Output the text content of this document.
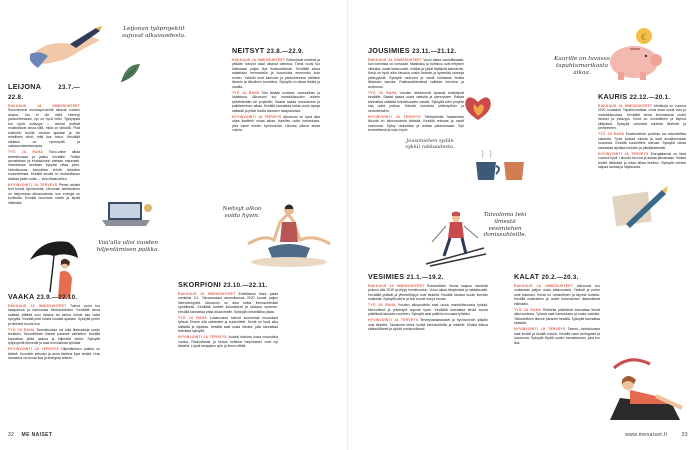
Leijonan työprojektit sujuvat alkuvuodesta.
Vaa'alla olisi vuoden hiljentämisen paikka.
Neitsyt alkoo voida hyvin.	Taivoloma teki ilmestä vesimiehen ihmissuhteille.
Jousimiehen sydän sykkii rakkaudesta.
€
Kaurille on luvassa tapahtumarikasta aikaa.
LEIJONA	23.7.—22.8.
RAKKAUS JA IHMISSUHTEET Suunnimmat muutosprosentit alkavat vuoden alussa. Jos et ole vielä edennyt parisuhteessasi, nyt on hyvä hetki. Tyydytystä tuo myös ystävyys — vanhat ystävät muistuttavat sinua siitä, mikä on tärkeää. Pidä kuitenkin huolta omasta ajastasi ja ole rehellinen siinä, mitä itse toivot. Keväällä rakkaus on syvempää ja vastaanottavaisempaa.
TYÖ JA RAHA Toivo-vaihe alkaa tammikuussa ja jatkuu keväälle. Töitäsi arvostetaan ja ehdotuksesi otetaan vakavasti. Hankkeissa tarvitaan kykyäsi ottaa johto. Helmikuussa kannattaa tehdä talouden suunnitelmaa. Kesällä sinulla on mahdollisuus aloittaa jotain uutta — tartu tilaisuuteen.
HYVINVOINTI JA TERVEYS Pienet arkiset teot tuovat hyvinvointia. Liikunnan aloittaminen on helpompaa alkuvuodesta, kun energia on korkealla. Kiinnitä huomiota uneen ja lepää riittävästi.
NEITSYT 23.8.—22.9.
RAKKAUS JA IHMISSUHTEET Kultautuvat unelmat ja pitkään toivotut asiat alkavat toteutua. Tämä vuosi tuo tullessaan paljon iloa ihmissuhteisiin. Keväällä sinua saatetaan hemmotella ja huomioida enemmän kuin ennen. Ystävät ovat tukenasi ja parisuhteessa vallitsee lämmin ja kiitollinen tunnelma. Syksyllä on aikaa levätä ja nauttia.
TYÖ JA RAHA Olet tänään tuottava, vastuullinen ja luotettava. Alkuvuosi tuo mahdollisuuden uuteen työtehtävään tai projektiin. Saatat saada tunnustusta ja palkitsemisen aikaa. Kesällä kannattaa tutkia uusia tapoja säästää ja pitää huolta talouden tasapainosta.
HYVINVOINTI JA TERVEYS Alkuvuosi on hyvä aika ottaa itselleen omaa aikaa. Harkitse uutta harrastusta, joka tukee mielen hyvinvointia. Liikunta ulkona antaa voimia.
VAAKA 23.9.—22.10.
RAKKAUS JA IHMISSUHTEET Tuleva vuosi tuo tasapainoa ja harmoniaa ihmissuhteisiin. Keväällä sinua saattaa yllättää uusi ihastus tai vanha suhde saa uutta syvyyttä. Kesällä pidä huolta omasta ajastasi. Syksyllä perhe ja läheiset tuovat iloa.
TYÖ JA RAHA Tammikuussa voi tulla tilaisuuksia uusiin tehtäviin. Taloudellinen tilanne paranee vähitellen. Kesällä kannattaa pitää taukoa ja hiljentää tahtia. Syksyllä työprojektit etenevät ja saat tunnustusta työstäsi.
HYVINVOINTI JA TERVEYS Hiljentämisen paikka on tärkeä. Kuuntele kehoasi ja anna itsellesi lupa levätä. Uusi harrastus voi tuoda iloa ja energiaa arkeen.
SKORPIONI 23.10.—22.11.
RAKKAUS JA IHMISSUHTEET Ensitilassa! Mars palaa merkkiisi 3.1. Taivaanvaaot tammikuussa 2020 tuovat paljon intensiivisyyttä. Alkuvuosi on aika tutkia ihmissuhteitasi syvällisesti. Keväällä tunteet kukoistavat ja rakkaus syvenee. Kesällä kannattaa ottaa aikaa itselle. Syksyllä romantiikka palaa.
TYÖ JA RAHA Lokakuussa tulevat suurimmat muutokset työssä. Ennen sitä valmistele ja suunnittele. Kevät on hyvä aika säästää ja sijoittaa. Kesällä saat uusia ideoita, joita kannattaa toteuttaa syksyllä.
HYVINVOINTI JA TERVEYS Jouduit tottuma uusia muutoksia vuosia. Rauhoittavat ja kehoa hoitavat harjoitukset ovat nyt tärkeitä. Löydä tasapaino työn ja levon välillä.
JOUSIMIES 23.11.—21.12.
RAKKAUS JA IHMISSUHTEET Vuosi alkaa vauhdikkaasti, kun toimintaa on runsaasti. Maaliskuu ja huhtikuu ovat erityisen vilkkaita: uudet tuttavuudet, matkat ja juhlat täyttävät kalenterisi. Kesä on hyvä aika tutustua uusiin ihmisiin ja syventää vanhoja ystävyyksiä. Syksyllä rauhoitut ja nautit kotoisista iltoista läheisten kanssa. Rakkauselämässä vallitsee intohimo ja avoimuus.
TYÖ JA RAHA Vuoden tärkeimmät työasiat keskittyvät keväälle. Saatat saada uusia vastuita ja ylennyksen. Rahaa kannattaa säästää tulevaisuuden varalle. Syksyllä tuttu projekti saa uutta potkua. Kiinnitä huomiota yhteistyöhön ja neuvotteluihin.
HYVINVOINTI JA TERVEYS Tähtivaiheita haasteinesi liikunta on alkuvuodesta tärkeää. Kesällä reissaat ja nautit luonnosta. Syksy rauhoittaa ja auttaa palautumaan. Syö terveellisesti ja nuku hyvin.
KAURIS 22.12.—20.1.
RAKKAUS JA IHMISSUHTEET Merkkejä on vuonna 2020 runsaasti. Tapahtumarikas vuosi avaa uusia ovia ja mahdollisuuksia. Keväällä sinua kiinnostavat uudet ihmiset ja ystävyys. Kesä on romanttinen ja täynnä yllätyksiä. Syksyllä vahvistat suhteita läheisiin ja perheeseen.
TYÖ JA RAHA Ensimmäinen puolisko tuo taloudellista vakautta. Työsi tuottaa tulosta ja saat ansaitsemaasi huomiota. Kesällä suunnittele tulevaa. Syksyllä rahaa kannattaa sijoittaa harkiten ja pitkäjänteisesti.
HYVINVOINTI JA TERVEYS Energiatasosi on tänä vuonna hyvä. Liikunta tuo iloa ja auttaa jaksamaan. Muista levätä riittävästi ja ottaa aikaa itsellesi. Syksyllä mielesi kaipaa rauhaa ja hiljaisuutta.
VESIMIES 21.1.—19.2.
RAKKAUS JA IHMISSUHTEET Romanttinen Venus saapuu merkkiisi jouluun alla 2019 ja viipyy helmikuuhun. Vuosi alkaa lämpimästi ja rakastavasti. Keväällä ystävät ja yhteisöllisyys ovat tärkeitä. Kesällä tutustut uusiin ihmisiin matkoilla. Syksyllä perhe ja koti tuovat iloa ja turvaa.
TYÖ JA RAHA Vuoden alkupuolella saat uusia mahdollisuuksia työssä. Neuvottelut ja yhteistyöt sujuvat hyvin. Keväällä kannattaa tehdä suuria päätöksiä talouden suhteen. Syksyllä saat palkkion kovasta työstäsi.
HYVINVOINTI JA TERVEYS Terveystarkastukset ja hyvinvoinnin ylläpito ovat tärkeitä. Taivaloma tekee hyvää ihmissuhteille ja mielelle. Muista liikkua säännöllisesti ja syödä monipuolisesti.
KALAT 20.2.—20.3.
RAKKAUS JA IHMISSUHTEET Alkuvuosi tuo mukanaan paljon uusia tuttavuuksia. Ystävät ja perhe ovat tukenasi. Kevät on romanttinen ja täynnä tunteita. Kesällä matkustelu ja uudet kokemukset rikastuttavat elämääsi.
TYÖ JA RAHA Rohkeita päätöksiä kannattaa tehdä alkuvuodesta. Työssä saat tunnustusta ja uusia vastuita. Taloudellinen tilanne paranee kesällä. Syksyllä kannattaa säästää.
HYVINVOINTI JA TERVEYS Tammi—helmikuussa saat levätä ja kerätä voimia. Kesällä nauti auringosta ja luonnosta. Syksyllä löydät uuden harrastuksen, joka tuo iloa.
32 ME NAISET	www.menaiset.fi	33
